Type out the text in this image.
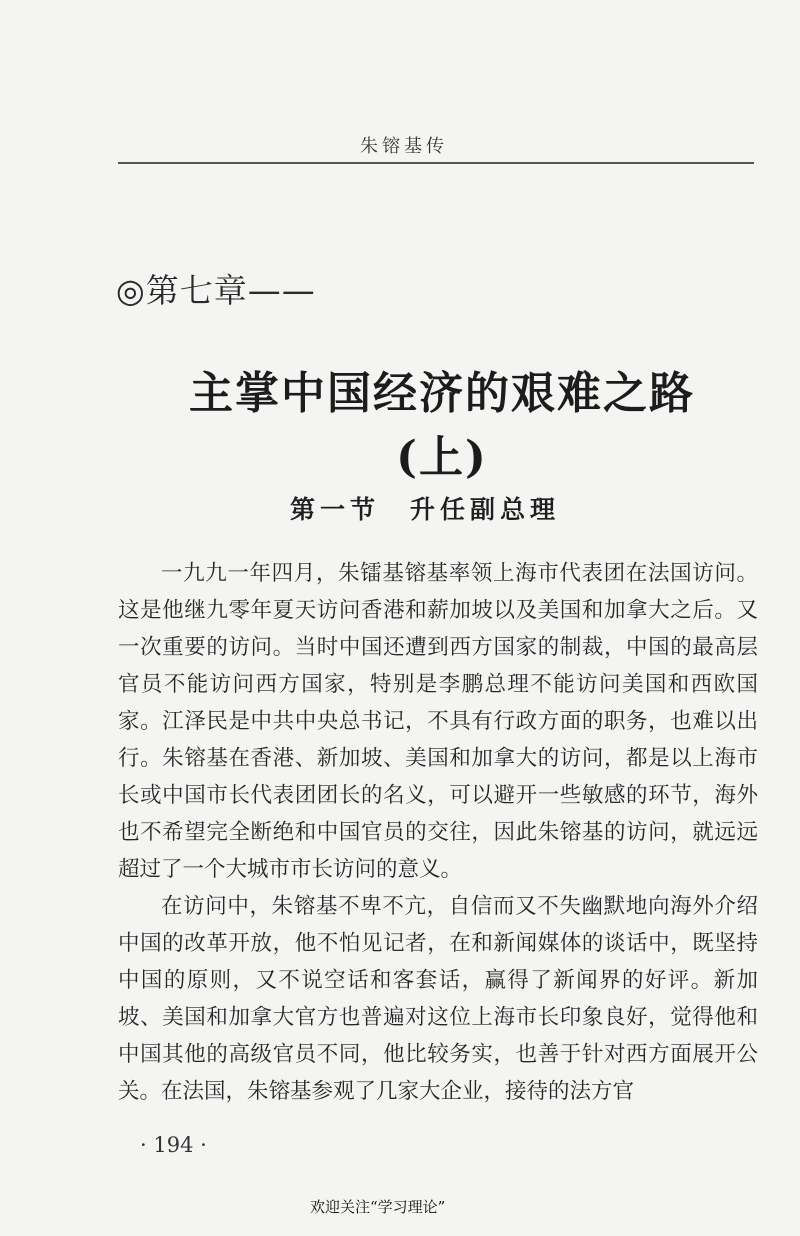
朱镕基传
◎第七章——
主掌中国经济的艰难之路(上)
第一节　升任副总理

一九九一年四月，朱镭基镕基率领上海市代表团在法国访问。这是他继九零年夏天访问香港和薪加坡以及美国和加拿大之后。又一次重要的访问。当时中国还遭到西方国家的制裁，中国的最高层官员不能访问西方国家，特别是李鹏总理不能访问美国和西欧国家。江泽民是中共中央总书记，不具有行政方面的职务，也难以出行。朱镕基在香港、新加坡、美国和加拿大的访问，都是以上海市长或中国市长代表团团长的名义，可以避开一些敏感的环节，海外也不希望完全断绝和中国官员的交往，因此朱镕基的访问，就远远超过了一个大城市市长访问的意义。

在访问中，朱镕基不卑不亢，自信而又不失幽默地向海外介绍中国的改革开放，他不怕见记者，在和新闻媒体的谈话中，既坚持中国的原则，又不说空话和客套话，赢得了新闻界的好评。新加坡、美国和加拿大官方也普遍对这位上海市长印象良好，觉得他和中国其他的高级官员不同，他比较务实，也善于针对西方面展开公关。在法国，朱镕基参观了几家大企业，接待的法方官

· 194 ·
欢迎关注“学习理论”
